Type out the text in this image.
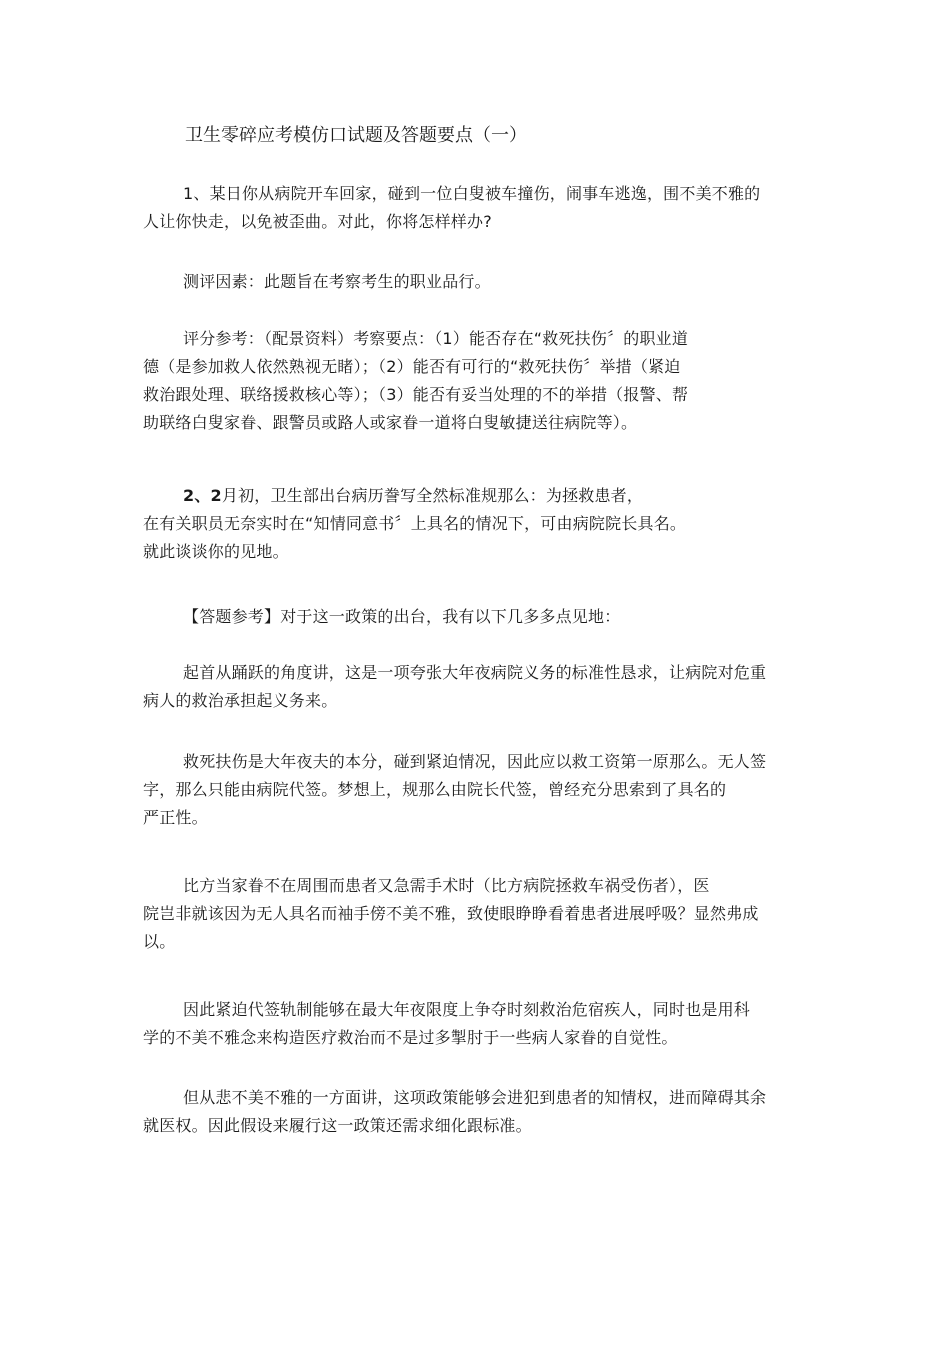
卫生零碎应考模仿口试题及答题要点（一）
1、某日你从病院开车回家，碰到一位白叟被车撞伤，闹事车逃逸，围不美不雅的
人让你快走，以免被歪曲。对此，你将怎样样办?
测评因素：此题旨在考察考生的职业品行。
评分参考：（配景资料）考察要点：（1）能否存在“救死扶伤〞的职业道
德（是参加救人依然熟视无睹）；（2）能否有可行的“救死扶伤〞举措（紧迫
救治跟处理、联络援救核心等）；（3）能否有妥当处理的不的举措（报警、帮
助联络白叟家眷、跟警员或路人或家眷一道将白叟敏捷送往病院等）。
2、2月初，卫生部出台病历誊写全然标准规那么：为拯救患者，
在有关职员无奈实时在“知情同意书〞上具名的情况下，可由病院院长具名。
就此谈谈你的见地。
【答题参考】对于这一政策的出台，我有以下几多多点见地：
起首从踊跃的角度讲，这是一项夸张大年夜病院义务的标准性恳求，让病院对危重
病人的救治承担起义务来。
救死扶伤是大年夜夫的本分，碰到紧迫情况，因此应以救工资第一原那么。无人签
字，那么只能由病院代签。梦想上，规那么由院长代签，曾经充分思索到了具名的
严正性。
比方当家眷不在周围而患者又急需手术时（比方病院拯救车祸受伤者），医
院岂非就该因为无人具名而袖手傍不美不雅，致使眼睁睁看着患者进展呼吸？显然弗成
以。
因此紧迫代签轨制能够在最大年夜限度上争夺时刻救治危宿疾人，同时也是用科
学的不美不雅念来构造医疗救治而不是过多掣肘于一些病人家眷的自觉性。
但从悲不美不雅的一方面讲，这项政策能够会进犯到患者的知情权，进而障碍其余
就医权。因此假设来履行这一政策还需求细化跟标准。
